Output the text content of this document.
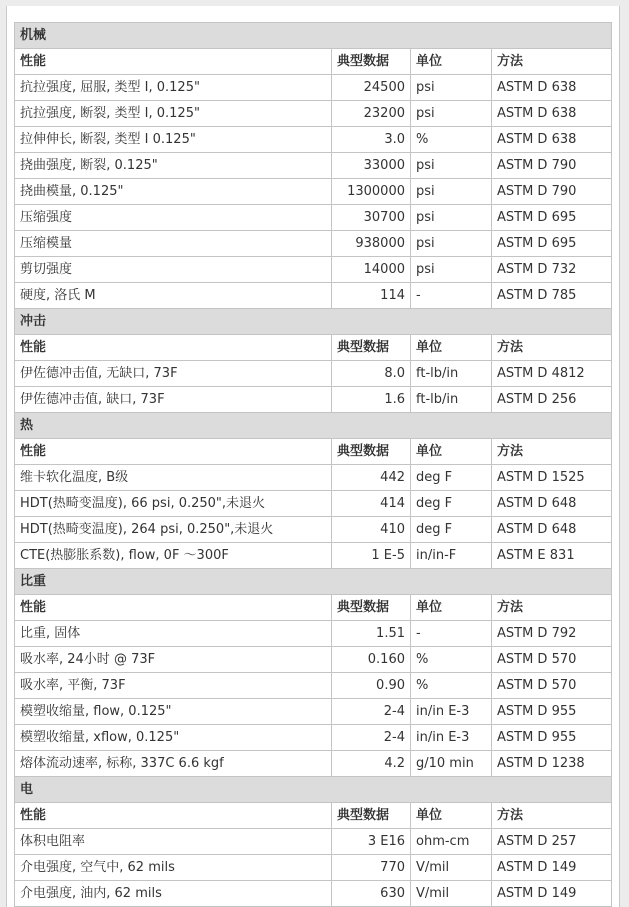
机械			
性能	典型数据	单位	方法
抗拉强度, 屈服, 类型 I, 0.125"	24500	psi	ASTM D 638
抗拉强度, 断裂, 类型 I, 0.125"	23200	psi	ASTM D 638
拉伸伸长, 断裂, 类型 I 0.125"	3.0	%	ASTM D 638
挠曲强度, 断裂, 0.125"	33000	psi	ASTM D 790
挠曲模量, 0.125"	1300000	psi	ASTM D 790
压缩强度	30700	psi	ASTM D 695
压缩模量	938000	psi	ASTM D 695
剪切强度	14000	psi	ASTM D 732
硬度, 洛氏 M	114	-	ASTM D 785
冲击			
性能	典型数据	单位	方法
伊佐德冲击值, 无缺口, 73F	8.0	ft-lb/in	ASTM D 4812
伊佐德冲击值, 缺口, 73F	1.6	ft-lb/in	ASTM D 256
热			
性能	典型数据	单位	方法
维卡软化温度, B级	442	deg F	ASTM D 1525
HDT(热畸变温度), 66 psi, 0.250",未退火	414	deg F	ASTM D 648
HDT(热畸变温度), 264 psi, 0.250",未退火	410	deg F	ASTM D 648
CTE(热膨胀系数), flow, 0F ～300F	1 E-5	in/in-F	ASTM E 831
比重			
性能	典型数据	单位	方法
比重, 固体	1.51	-	ASTM D 792
吸水率, 24小时 @ 73F	0.160	%	ASTM D 570
吸水率, 平衡, 73F	0.90	%	ASTM D 570
模塑收缩量, flow, 0.125"	2-4	in/in E-3	ASTM D 955
模塑收缩量, xflow, 0.125"	2-4	in/in E-3	ASTM D 955
熔体流动速率, 标称, 337C 6.6 kgf	4.2	g/10 min	ASTM D 1238
电			
性能	典型数据	单位	方法
体积电阻率	3 E16	ohm-cm	ASTM D 257
介电强度, 空气中, 62 mils	770	V/mil	ASTM D 149
介电强度, 油内, 62 mils	630	V/mil	ASTM D 149
